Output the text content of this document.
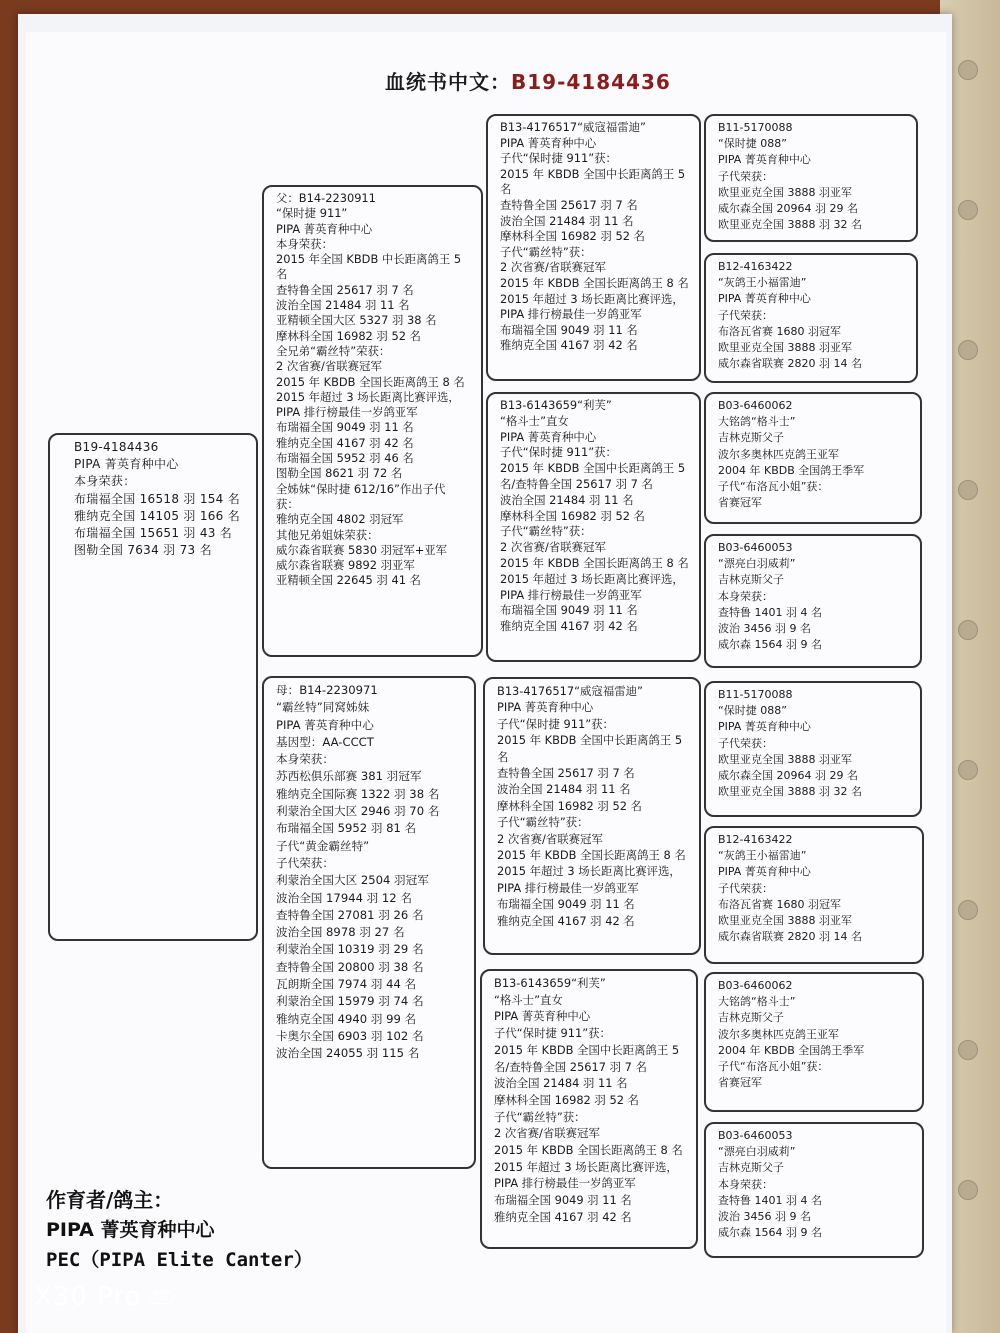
血统书中文：B19-4184436
B19-4184436
PIPA 菁英育种中心
本身荣获：
布瑞福全国 16518 羽 154 名
雅纳克全国 14105 羽 166 名
布瑞福全国 15651 羽 43 名
图勒全国 7634 羽 73 名
父：B14-2230911
“保时捷 911”
PIPA 菁英育种中心
本身荣获：
2015 年全国 KBDB 中长距离鸽王 5
名
查特鲁全国 25617 羽 7 名
波治全国 21484 羽 11 名
亚精顿全国大区 5327 羽 38 名
摩林科全国 16982 羽 52 名
全兄弟“霸丝特”荣获：
2 次省赛/省联赛冠军
2015 年 KBDB 全国长距离鸽王 8 名
2015 年超过 3 场长距离比赛评选，
PIPA 排行榜最佳一岁鸽亚军
布瑞福全国 9049 羽 11 名
雅纳克全国 4167 羽 42 名
布瑞福全国 5952 羽 46 名
图勒全国 8621 羽 72 名
全姊妹“保时捷 612/16”作出子代
获：
雅纳克全国 4802 羽冠军
其他兄弟姐妹荣获：
威尔森省联赛 5830 羽冠军+亚军
威尔森省联赛 9892 羽亚军
亚精顿全国 22645 羽 41 名
母：B14-2230971
“霸丝特”同窝姊妹
PIPA 菁英育种中心
基因型：AA-CCCT
本身荣获：
苏西松俱乐部赛 381 羽冠军
雅纳克全国际赛 1322 羽 38 名
利蒙治全国大区 2946 羽 70 名
布瑞福全国 5952 羽 81 名
子代“黄金霸丝特”
子代荣获：
利蒙治全国大区 2504 羽冠军
波治全国 17944 羽 12 名
查特鲁全国 27081 羽 26 名
波治全国 8978 羽 27 名
利蒙治全国 10319 羽 29 名
查特鲁全国 20800 羽 38 名
瓦朗斯全国 7974 羽 44 名
利蒙治全国 15979 羽 74 名
雅纳克全国 4940 羽 99 名
卡奥尔全国 6903 羽 102 名
波治全国 24055 羽 115 名
B13-4176517“威寇福雷迪”
PIPA 菁英育种中心
子代“保时捷 911”获：
2015 年 KBDB 全国中长距离鸽王 5
名
查特鲁全国 25617 羽 7 名
波治全国 21484 羽 11 名
摩林科全国 16982 羽 52 名
子代“霸丝特”获：
2 次省赛/省联赛冠军
2015 年 KBDB 全国长距离鸽王 8 名
2015 年超过 3 场长距离比赛评选，
PIPA 排行榜最佳一岁鸽亚军
布瑞福全国 9049 羽 11 名
雅纳克全国 4167 羽 42 名
B13-6143659“利芙”
“格斗士”直女
PIPA 菁英育种中心
子代“保时捷 911”获：
2015 年 KBDB 全国中长距离鸽王 5
名/查特鲁全国 25617 羽 7 名
波治全国 21484 羽 11 名
摩林科全国 16982 羽 52 名
子代“霸丝特”获：
2 次省赛/省联赛冠军
2015 年 KBDB 全国长距离鸽王 8 名
2015 年超过 3 场长距离比赛评选，
PIPA 排行榜最佳一岁鸽亚军
布瑞福全国 9049 羽 11 名
雅纳克全国 4167 羽 42 名
B13-4176517“威寇福雷迪”
PIPA 菁英育种中心
子代“保时捷 911”获：
2015 年 KBDB 全国中长距离鸽王 5
名
查特鲁全国 25617 羽 7 名
波治全国 21484 羽 11 名
摩林科全国 16982 羽 52 名
子代“霸丝特”获：
2 次省赛/省联赛冠军
2015 年 KBDB 全国长距离鸽王 8 名
2015 年超过 3 场长距离比赛评选，
PIPA 排行榜最佳一岁鸽亚军
布瑞福全国 9049 羽 11 名
雅纳克全国 4167 羽 42 名
B13-6143659“利芙”
“格斗士”直女
PIPA 菁英育种中心
子代“保时捷 911”获：
2015 年 KBDB 全国中长距离鸽王 5
名/查特鲁全国 25617 羽 7 名
波治全国 21484 羽 11 名
摩林科全国 16982 羽 52 名
子代“霸丝特”获：
2 次省赛/省联赛冠军
2015 年 KBDB 全国长距离鸽王 8 名
2015 年超过 3 场长距离比赛评选，
PIPA 排行榜最佳一岁鸽亚军
布瑞福全国 9049 羽 11 名
雅纳克全国 4167 羽 42 名
B11-5170088
“保时捷 088”
PIPA 菁英育种中心
子代荣获：
欧里亚克全国 3888 羽亚军
威尔森全国 20964 羽 29 名
欧里亚克全国 3888 羽 32 名
B12-4163422
“灰鸽王小福雷迪”
PIPA 菁英育种中心
子代荣获：
布洛瓦省赛 1680 羽冠军
欧里亚克全国 3888 羽亚军
威尔森省联赛 2820 羽 14 名
B03-6460062
大铭鸽“格斗士”
吉林克斯父子
波尔多奥林匹克鸽王亚军
2004 年 KBDB 全国鸽王季军
子代“布洛瓦小姐”获：
省赛冠军
B03-6460053
“漂亮白羽威莉”
吉林克斯父子
本身荣获：
查特鲁 1401 羽 4 名
波治 3456 羽 9 名
威尔森 1564 羽 9 名
B11-5170088
“保时捷 088”
PIPA 菁英育种中心
子代荣获：
欧里亚克全国 3888 羽亚军
威尔森全国 20964 羽 29 名
欧里亚克全国 3888 羽 32 名
B12-4163422
“灰鸽王小福雷迪”
PIPA 菁英育种中心
子代荣获：
布洛瓦省赛 1680 羽冠军
欧里亚克全国 3888 羽亚军
威尔森省联赛 2820 羽 14 名
B03-6460062
大铭鸽“格斗士”
吉林克斯父子
波尔多奥林匹克鸽王亚军
2004 年 KBDB 全国鸽王季军
子代“布洛瓦小姐”获：
省赛冠军
B03-6460053
“漂亮白羽威莉”
吉林克斯父子
本身荣获：
查特鲁 1401 羽 4 名
波治 3456 羽 9 名
威尔森 1564 羽 9 名
作育者/鸽主：
PIPA 菁英育种中心
PEC（PIPA Elite Canter）
X30 Pro	5G
